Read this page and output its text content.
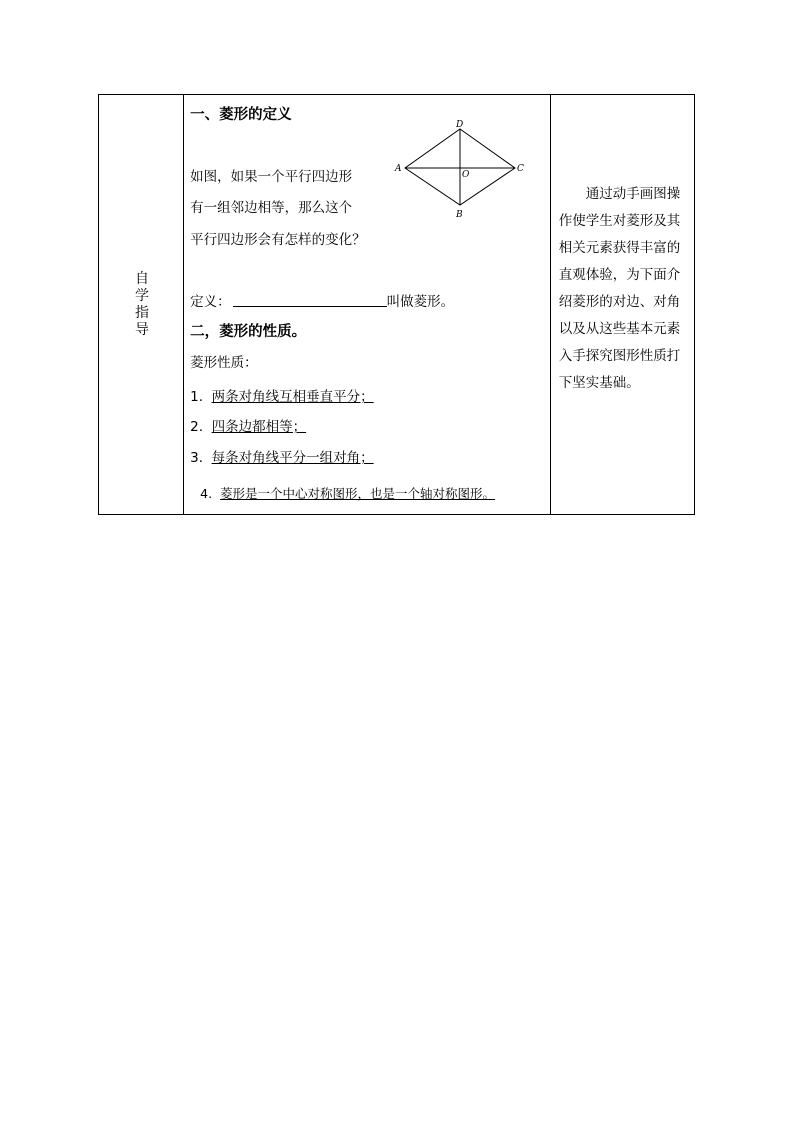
自学指导

一、菱形的定义
如图，如果一个平行四边形
有一组邻边相等，那么这个
平行四边形会有怎样的变化？
D
A
O
C
B
定义：	叫做菱形。
二，菱形的性质。
菱形性质：
1. 两条对角线互相垂直平分；
2. 四条边都相等；
3. 每条对角线平分一组对角；
4. 菱形是一个中心对称图形，也是一个轴对称图形。

通过动手画图操作使学生对菱形及其相关元素获得丰富的直观体验，为下面介绍菱形的对边、对角以及从这些基本元素入手探究图形性质打下坚实基础。
